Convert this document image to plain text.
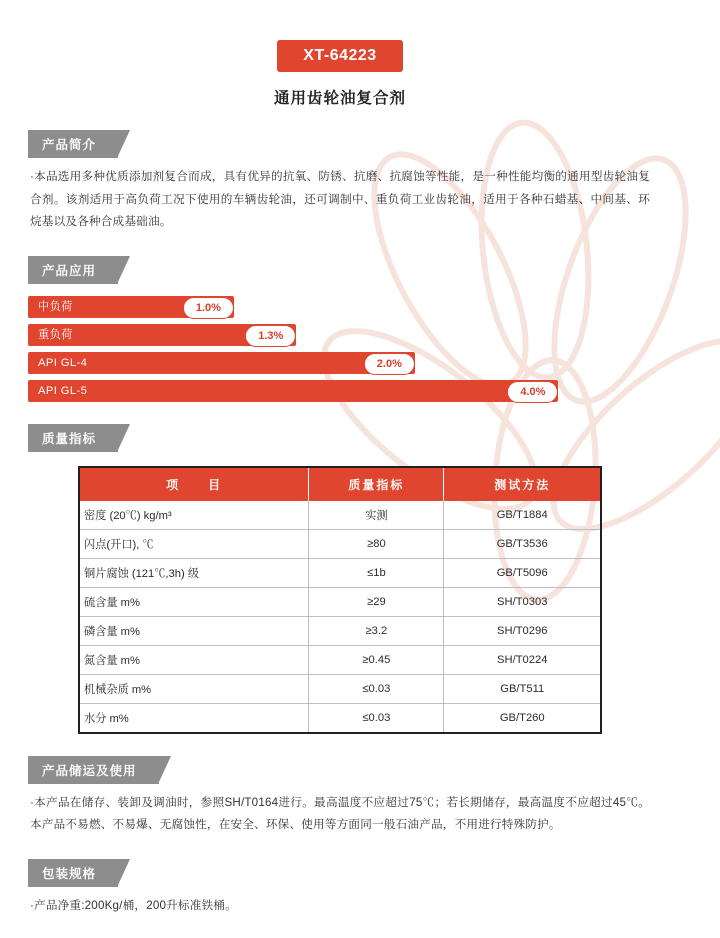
XT-64223
通用齿轮油复合剂
产品简介

·本品选用多种优质添加剂复合而成，具有优异的抗氧、防锈、抗磨、抗腐蚀等性能，是一种性能均衡的通用型齿轮油复合剂。该剂适用于高负荷工况下使用的车辆齿轮油，还可调制中、重负荷工业齿轮油，适用于各种石蜡基、中间基、环烷基以及各种合成基础油。

产品应用
中负荷	1.0%
重负荷	1.3%
API GL-4	2.0%
API GL-5	4.0%
质量指标
项　　目	质量指标	测试方法
密度 (20℃) kg/m³	实测	GB/T1884
闪点(开口), ℃	≥80	GB/T3536
铜片腐蚀 (121℃,3h) 级	≤1b	GB/T5096
硫含量 m%	≥29	SH/T0303
磷含量 m%	≥3.2	SH/T0296
氮含量 m%	≥0.45	SH/T0224
机械杂质 m%	≤0.03	GB/T511
水分 m%	≤0.03	GB/T260
产品储运及使用

·本产品在储存、装卸及调油时，参照SH/T0164进行。最高温度不应超过75℃；若长期储存，最高温度不应超过45℃。本产品不易燃、不易爆、无腐蚀性，在安全、环保、使用等方面同一般石油产品，不用进行特殊防护。

包装规格

·产品净重:200Kg/桶，200升标准铁桶。
